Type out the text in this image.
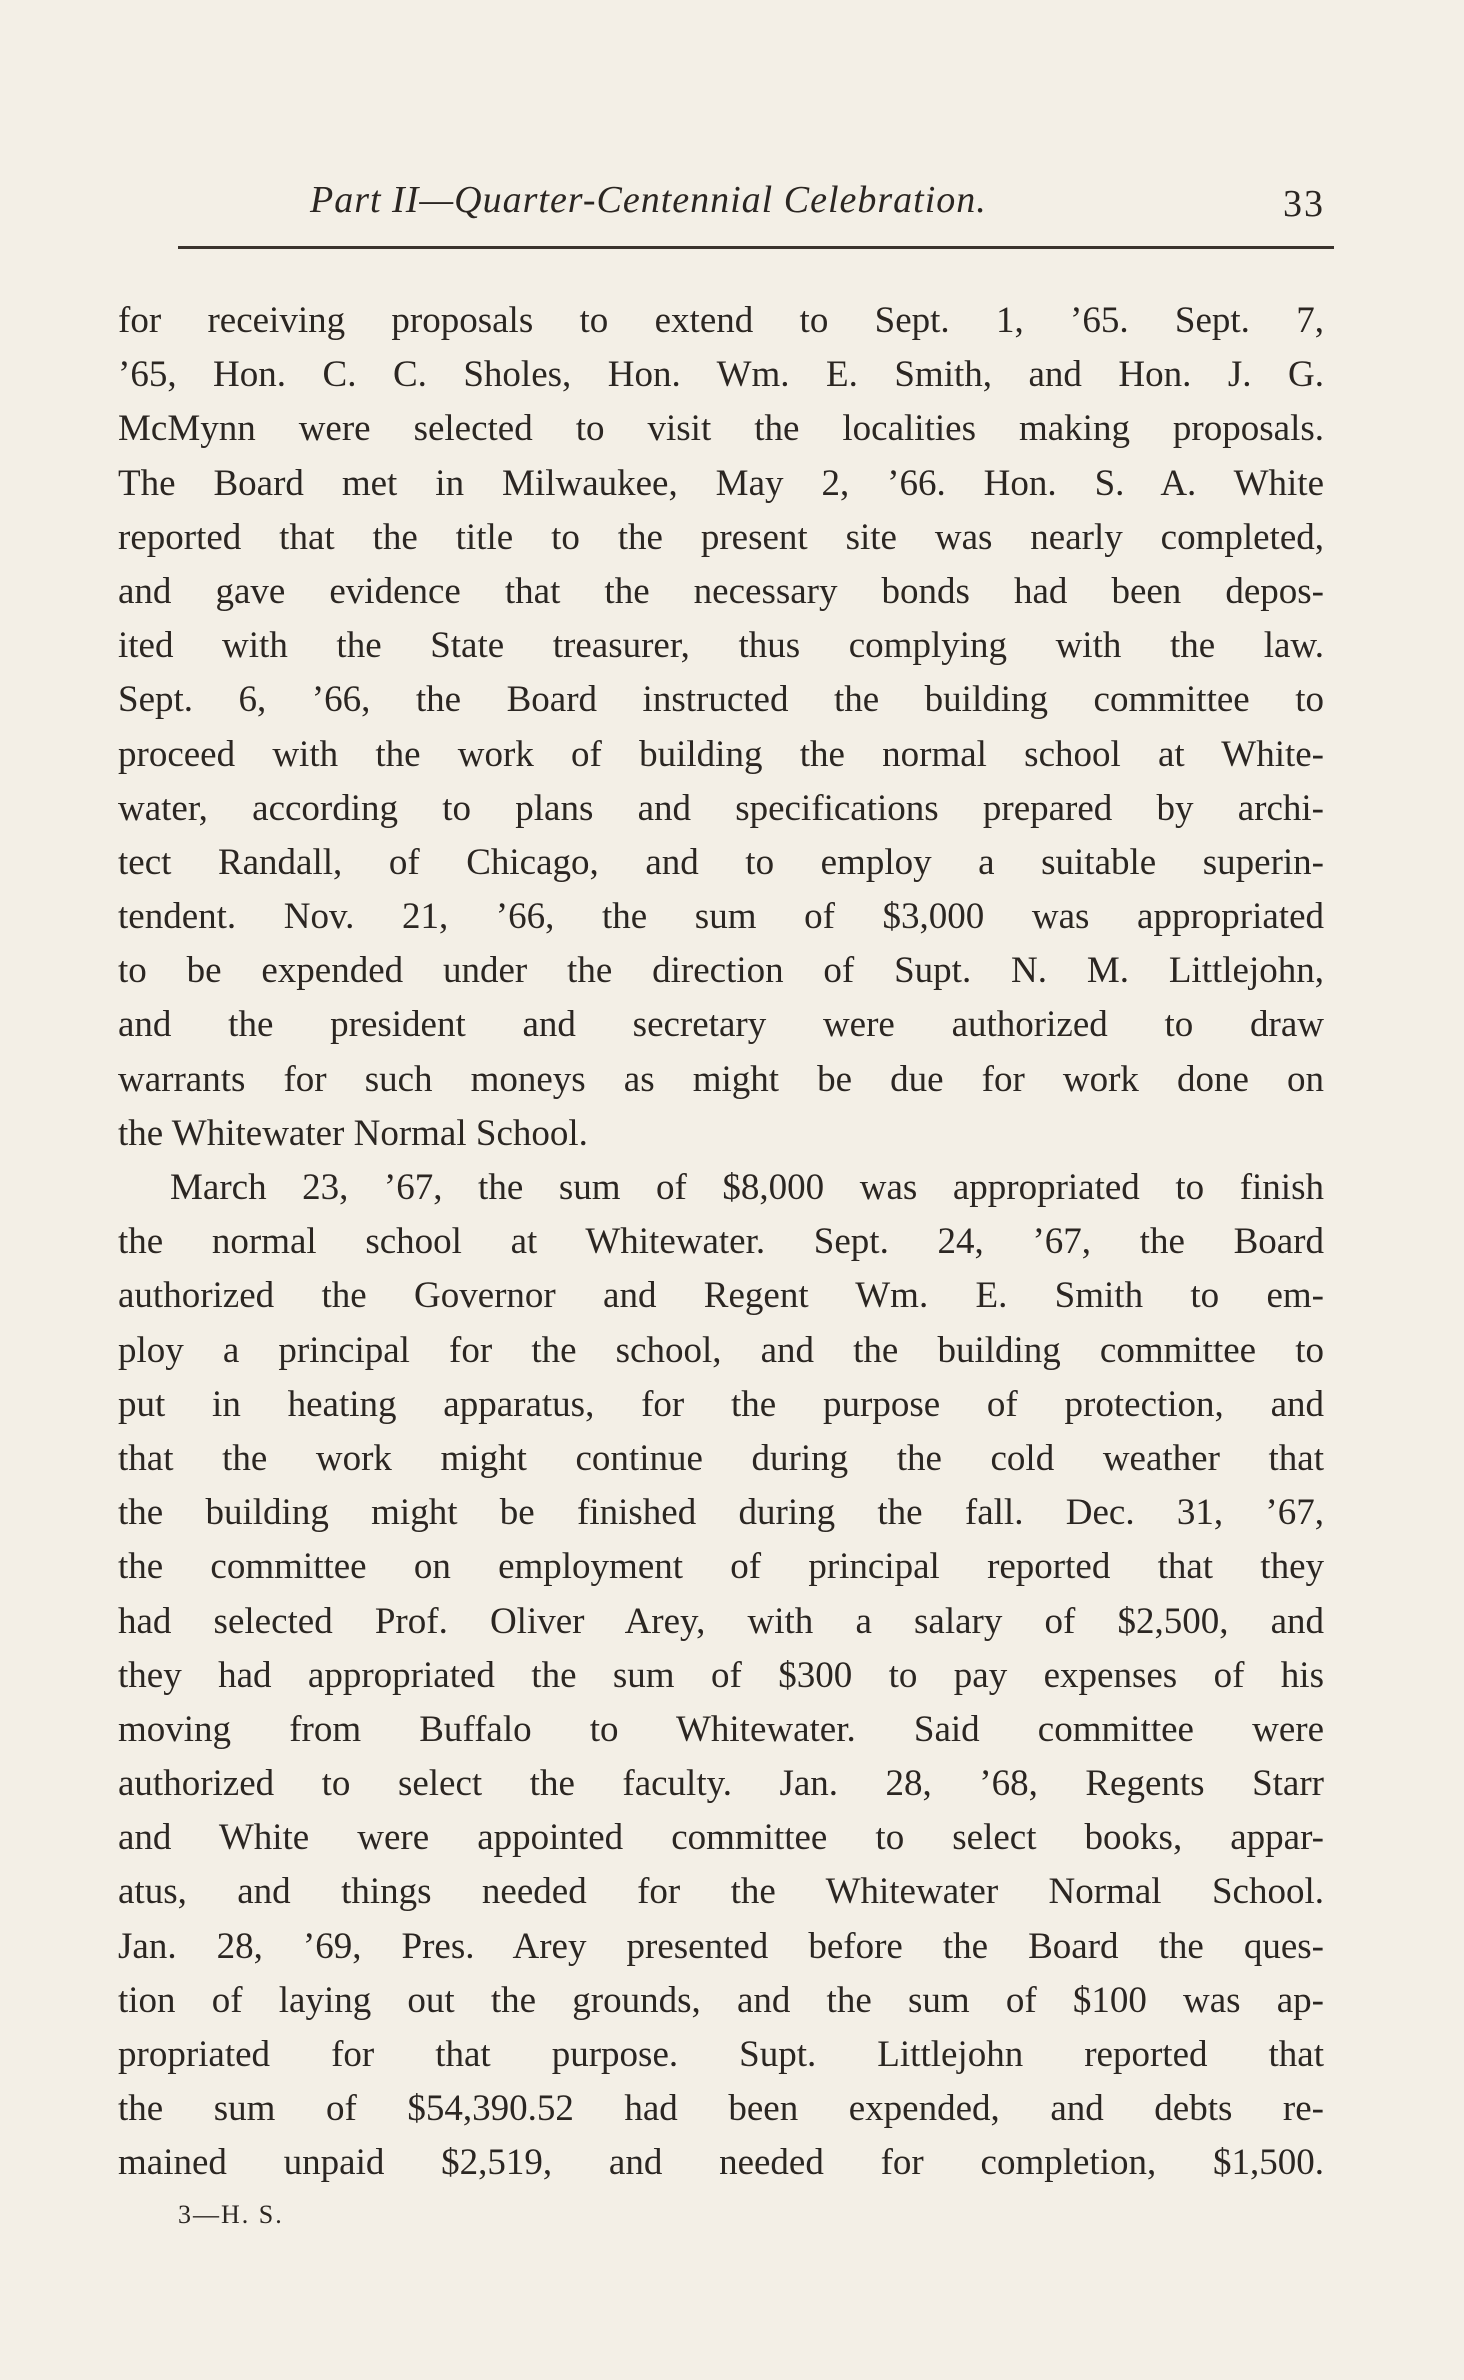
Part II—Quarter-Centennial Celebration.	33
for receiving proposals to extend to Sept. 1, ’65. Sept. 7,
’65, Hon. C. C. Sholes, Hon. Wm. E. Smith, and Hon. J. G.
McMynn were selected to visit the localities making proposals.
The Board met in Milwaukee, May 2, ’66. Hon. S. A. White
reported that the title to the present site was nearly completed,
and gave evidence that the necessary bonds had been depos-
ited with the State treasurer, thus complying with the law.
Sept. 6, ’66, the Board instructed the building committee to
proceed with the work of building the normal school at White-
water, according to plans and specifications prepared by archi-
tect Randall, of Chicago, and to employ a suitable superin-
tendent. Nov. 21, ’66, the sum of $3,000 was appropriated
to be expended under the direction of Supt. N. M. Littlejohn,
and the president and secretary were authorized to draw
warrants for such moneys as might be due for work done on
the Whitewater Normal School.
March 23, ’67, the sum of $8,000 was appropriated to finish
the normal school at Whitewater. Sept. 24, ’67, the Board
authorized the Governor and Regent Wm. E. Smith to em-
ploy a principal for the school, and the building committee to
put in heating apparatus, for the purpose of protection, and
that the work might continue during the cold weather that
the building might be finished during the fall. Dec. 31, ’67,
the committee on employment of principal reported that they
had selected Prof. Oliver Arey, with a salary of $2,500, and
they had appropriated the sum of $300 to pay expenses of his
moving from Buffalo to Whitewater. Said committee were
authorized to select the faculty. Jan. 28, ’68, Regents Starr
and White were appointed committee to select books, appar-
atus, and things needed for the Whitewater Normal School.
Jan. 28, ’69, Pres. Arey presented before the Board the ques-
tion of laying out the grounds, and the sum of $100 was ap-
propriated for that purpose. Supt. Littlejohn reported that
the sum of $54,390.52 had been expended, and debts re-
mained unpaid $2,519, and needed for completion, $1,500.
3—H. S.
